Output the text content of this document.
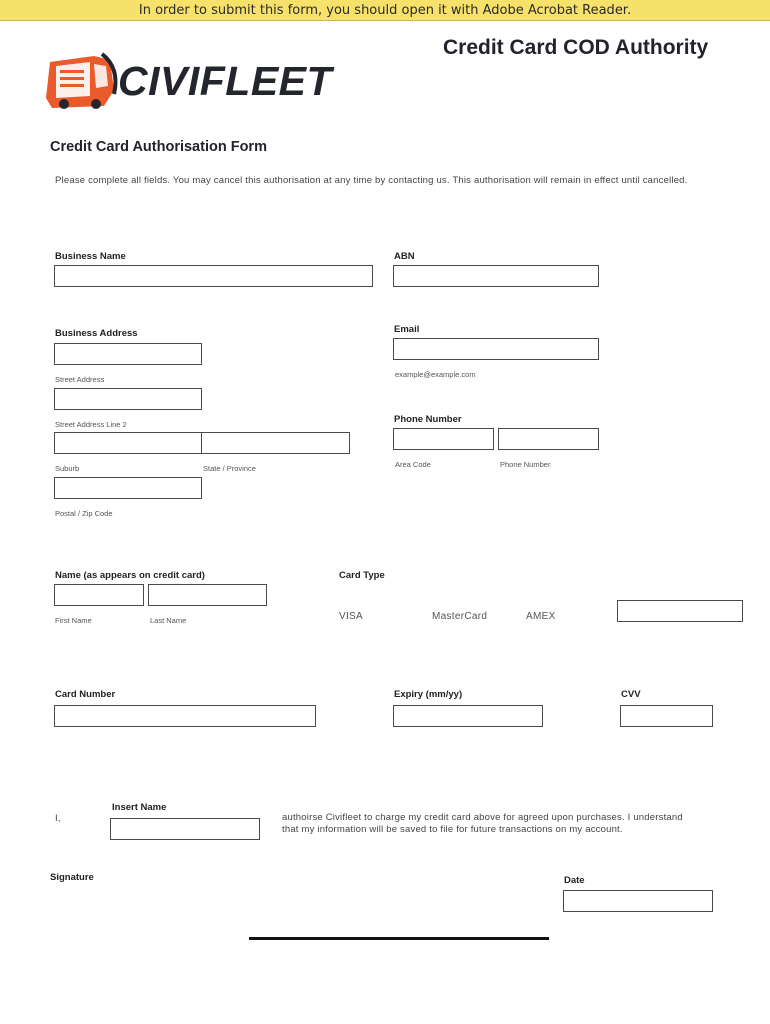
In order to submit this form, you should open it with Adobe Acrobat Reader.
Credit Card COD Authority
CIVIFLEET
Credit Card Authorisation Form
Please complete all fields. You may cancel this authorisation at any time by contacting us. This authorisation will remain in effect until cancelled.
Business Name	ABN
Business Address
Street Address
Street Address Line 2
Suburb	State / Province
Postal / Zip Code
Email
example@example.com
Phone Number
Area Code	Phone Number
Name (as appears on credit card)
First Name	Last Name
Card Type
VISA	MasterCard	AMEX
Card Number	Expiry (mm/yy)	CVV
I,
Insert Name
authoirse Civifleet to charge my credit card above for agreed upon purchases. I understand
that my information will be saved to file for future transactions on my account.
Signature	Date
